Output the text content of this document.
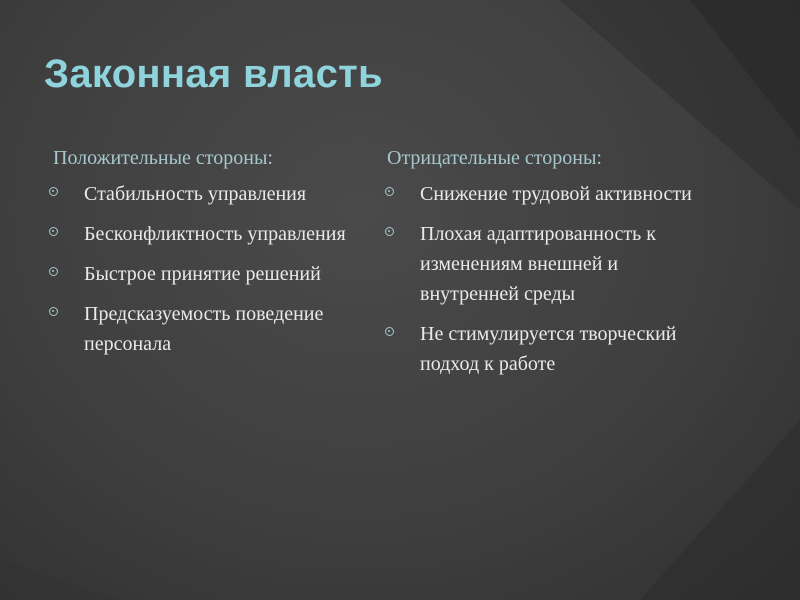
Законная власть
Положительные стороны:
Стабильность управления
Бесконфликтность управления
Быстрое принятие решений
Предсказуемость поведение персонала
Отрицательные стороны:
Снижение трудовой активности
Плохая адаптированность к изменениям внешней и внутренней среды
Не стимулируется творческий подход к работе
